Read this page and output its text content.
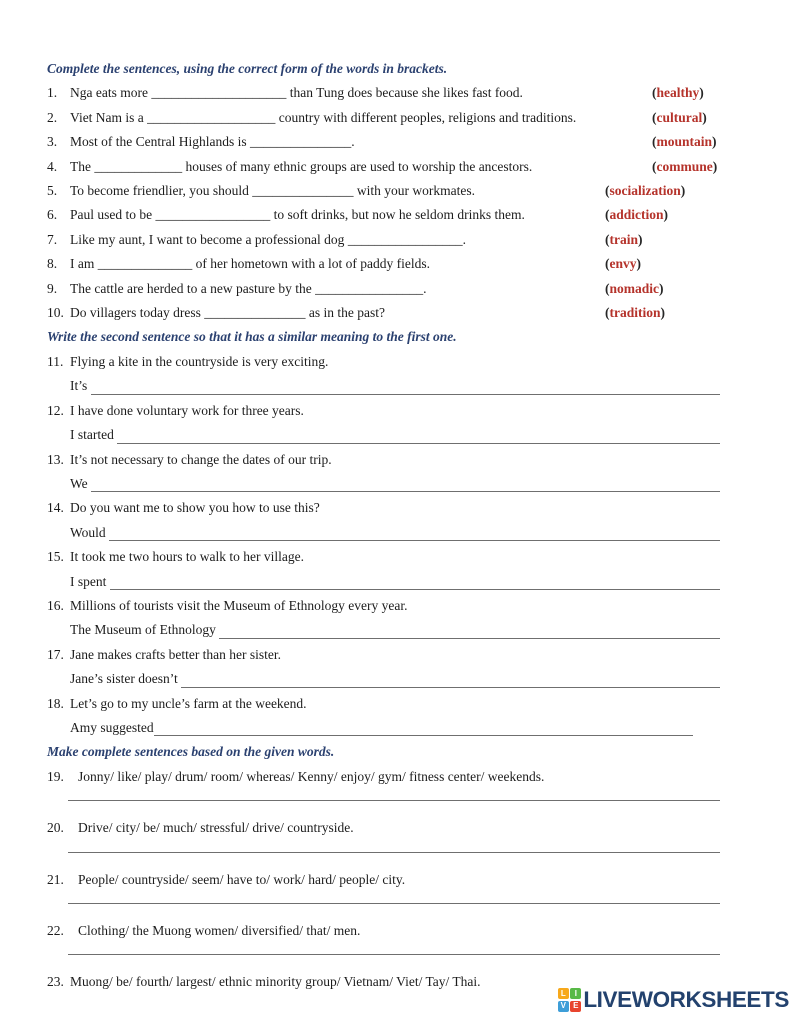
Complete the sentences, using the correct form of the words in brackets.
1. Nga eats more ____________________ than Tung does because she likes fast food.	(healthy)
2. Viet Nam is a ___________________ country with different peoples, religions and traditions.	(cultural)
3. Most of the Central Highlands is _______________.	(mountain)
4. The _____________ houses of many ethnic groups are used to worship the ancestors.	(commune)
5. To become friendlier, you should _______________ with your workmates.	(socialization)
6. Paul used to be _________________ to soft drinks, but now he seldom drinks them.	(addiction)
7. Like my aunt, I want to become a professional dog _________________.	(train)
8. I am ______________ of her hometown with a lot of paddy fields.	(envy)
9. The cattle are herded to a new pasture by the ________________.	(nomadic)
10. Do villagers today dress _______________ as in the past?	(tradition)
Write the second sentence so that it has a similar meaning to the first one.
11. Flying a kite in the countryside is very exciting.
It’s
12. I have done voluntary work for three years.
I started
13. It’s not necessary to change the dates of our trip.
We
14. Do you want me to show you how to use this?
Would
15. It took me two hours to walk to her village.
I spent
16. Millions of tourists visit the Museum of Ethnology every year.
The Museum of Ethnology
17. Jane makes crafts better than her sister.
Jane’s sister doesn’t
18. Let’s go to my uncle’s farm at the weekend.
Amy suggested
Make complete sentences based on the given words.
19. Jonny/ like/ play/ drum/ room/ whereas/ Kenny/ enjoy/ gym/ fitness center/ weekends.
20. Drive/ city/ be/ much/ stressful/ drive/ countryside.
21. People/ countryside/ seem/ have to/ work/ hard/ people/ city.
22. Clothing/ the Muong women/ diversified/ that/ men.
23. Muong/ be/ fourth/ largest/ ethnic minority group/ Vietnam/ Viet/ Tay/ Thai.
L	I
V E LIVEWORKSHEETS
